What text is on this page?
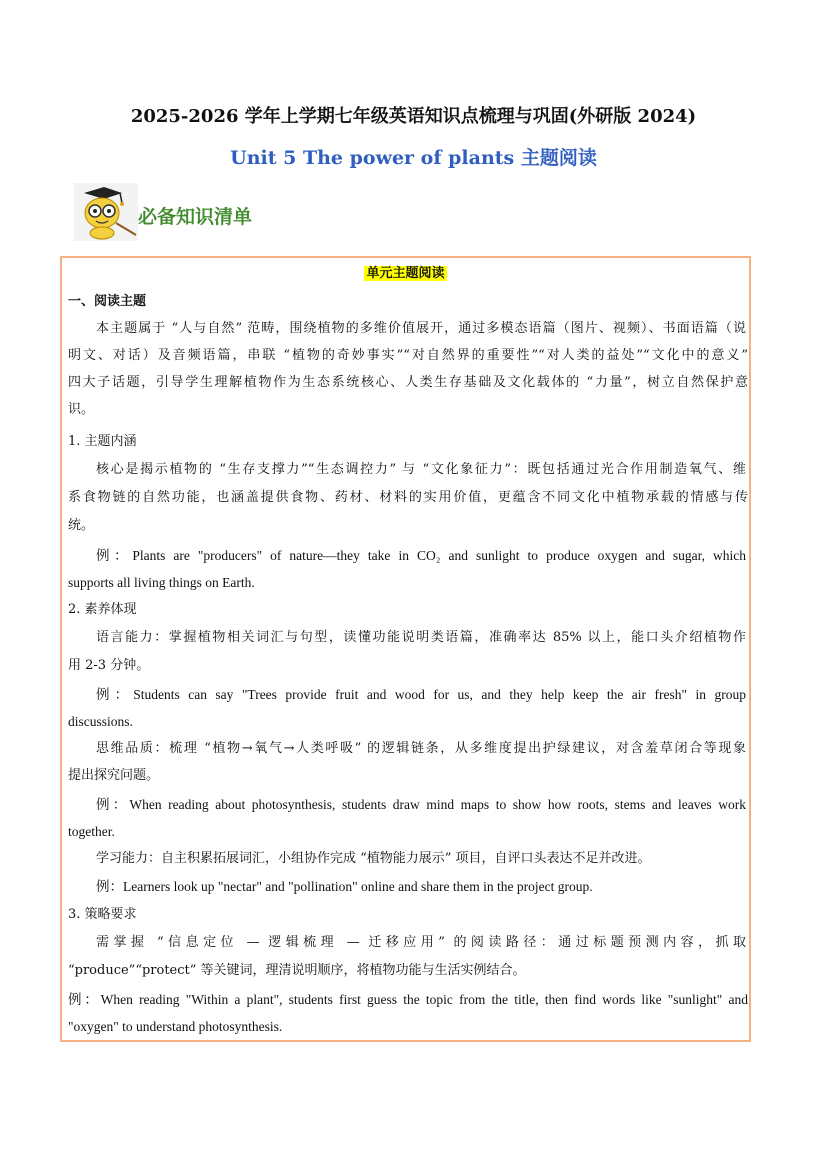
2025-2026 学年上学期七年级英语知识点梳理与巩固(外研版 2024)
Unit 5 The power of plants 主题阅读
必备知识清单
单元主题阅读
一、阅读主题
本主题属于 “人与自然” 范畴，围绕植物的多维价值展开，通过多模态语篇（图片、视频）、书面语篇（说
明文、对话）及音频语篇，串联 “植物的奇妙事实”“对自然界的重要性”“对人类的益处”“文化中的意义”
四大子话题，引导学生理解植物作为生态系统核心、人类生存基础及文化载体的 “力量”，树立自然保护意
识。
1. 主题内涵
核心是揭示植物的 “生存支撑力”“生态调控力” 与 “文化象征力”：既包括通过光合作用制造氧气、维
系食物链的自然功能，也涵盖提供食物、药材、材料的实用价值，更蕴含不同文化中植物承载的情感与传
统。
例：Plants are "producers" of nature—they take in CO₂ and sunlight to produce oxygen and sugar, which
supports all living things on Earth.
2. 素养体现
语言能力：掌握植物相关词汇与句型，读懂功能说明类语篇，准确率达 85% 以上，能口头介绍植物作
用 2-3 分钟。
例：Students can say "Trees provide fruit and wood for us, and they help keep the air fresh" in group
discussions.
思维品质：梳理 “植物→氧气→人类呼吸” 的逻辑链条，从多维度提出护绿建议，对含羞草闭合等现象
提出探究问题。
例：When reading about photosynthesis, students draw mind maps to show how roots, stems and leaves work
together.
学习能力：自主积累拓展词汇，小组协作完成 “植物能力展示” 项目，自评口头表达不足并改进。
例：Learners look up "nectar" and "pollination" online and share them in the project group.
3. 策略要求
需掌握 “信息定位 — 逻辑梳理 — 迁移应用” 的阅读路径：通过标题预测内容，抓取
“produce”“protect” 等关键词，理清说明顺序，将植物功能与生活实例结合。
例：When reading "Within a plant", students first guess the topic from the title, then find words like "sunlight" and
"oxygen" to understand photosynthesis.
